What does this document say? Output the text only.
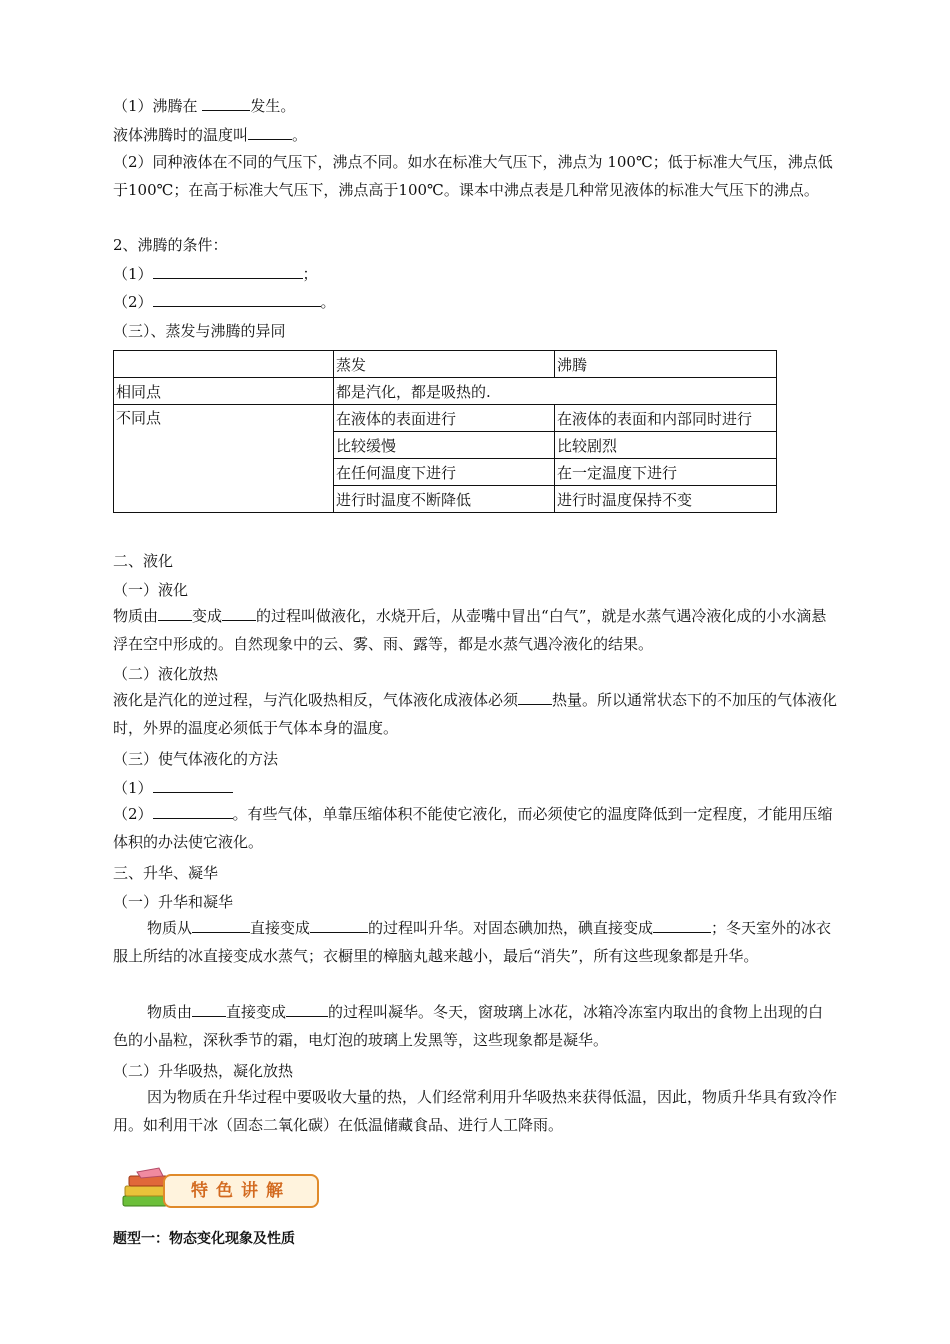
（1）沸腾在	发生。
液体沸腾时的温度叫	。
（2）同种液体在不同的气压下，沸点不同。如水在标准大气压下，沸点为 100℃；低于标准大气压，沸点低于100℃；在高于标准大气压下，沸点高于100℃。课本中沸点表是几种常见液体的标准大气压下的沸点。
2、沸腾的条件：
（1）	；
（2）	。
（三）、蒸发与沸腾的异同
	蒸发	沸腾
相同点	都是汽化，都是吸热的.	
不同点	在液体的表面进行	在液体的表面和内部同时进行
	比较缓慢	比较剧烈
	在任何温度下进行	在一定温度下进行
	进行时温度不断降低	进行时温度保持不变
二、液化
（一）液化
物质由 变成 的过程叫做液化，水烧开后，从壶嘴中冒出“白气”，就是水蒸气遇冷液化成的小水滴悬浮在空中形成的。自然现象中的云、雾、雨、露等，都是水蒸气遇冷液化的结果。
（二）液化放热
液化是汽化的逆过程，与汽化吸热相反，气体液化成液体必须 热量。所以通常状态下的不加压的气体液化时，外界的温度必须低于气体本身的温度。
（三）使气体液化的方法
（1）
（2）	。有些气体，单靠压缩体积不能使它液化，而必须使它的温度降低到一定程度，才能用压缩体积的办法使它液化。
三、升华、凝华
（一）升华和凝华
物质从	直接变成	的过程叫升华。对固态碘加热，碘直接变成	；冬天室外的冰衣服上所结的冰直接变成水蒸气；衣橱里的樟脑丸越来越小，最后“消失”，所有这些现象都是升华。
物质由 直接变成	的过程叫凝华。冬天，窗玻璃上冰花，冰箱冷冻室内取出的食物上出现的白色的小晶粒，深秋季节的霜，电灯泡的玻璃上发黑等，这些现象都是凝华。
（二）升华吸热，凝化放热
因为物质在升华过程中要吸收大量的热，人们经常利用升华吸热来获得低温，因此，物质升华具有致冷作用。如利用干冰（固态二氧化碳）在低温储藏食品、进行人工降雨。
特色讲解
题型一：物态变化现象及性质
